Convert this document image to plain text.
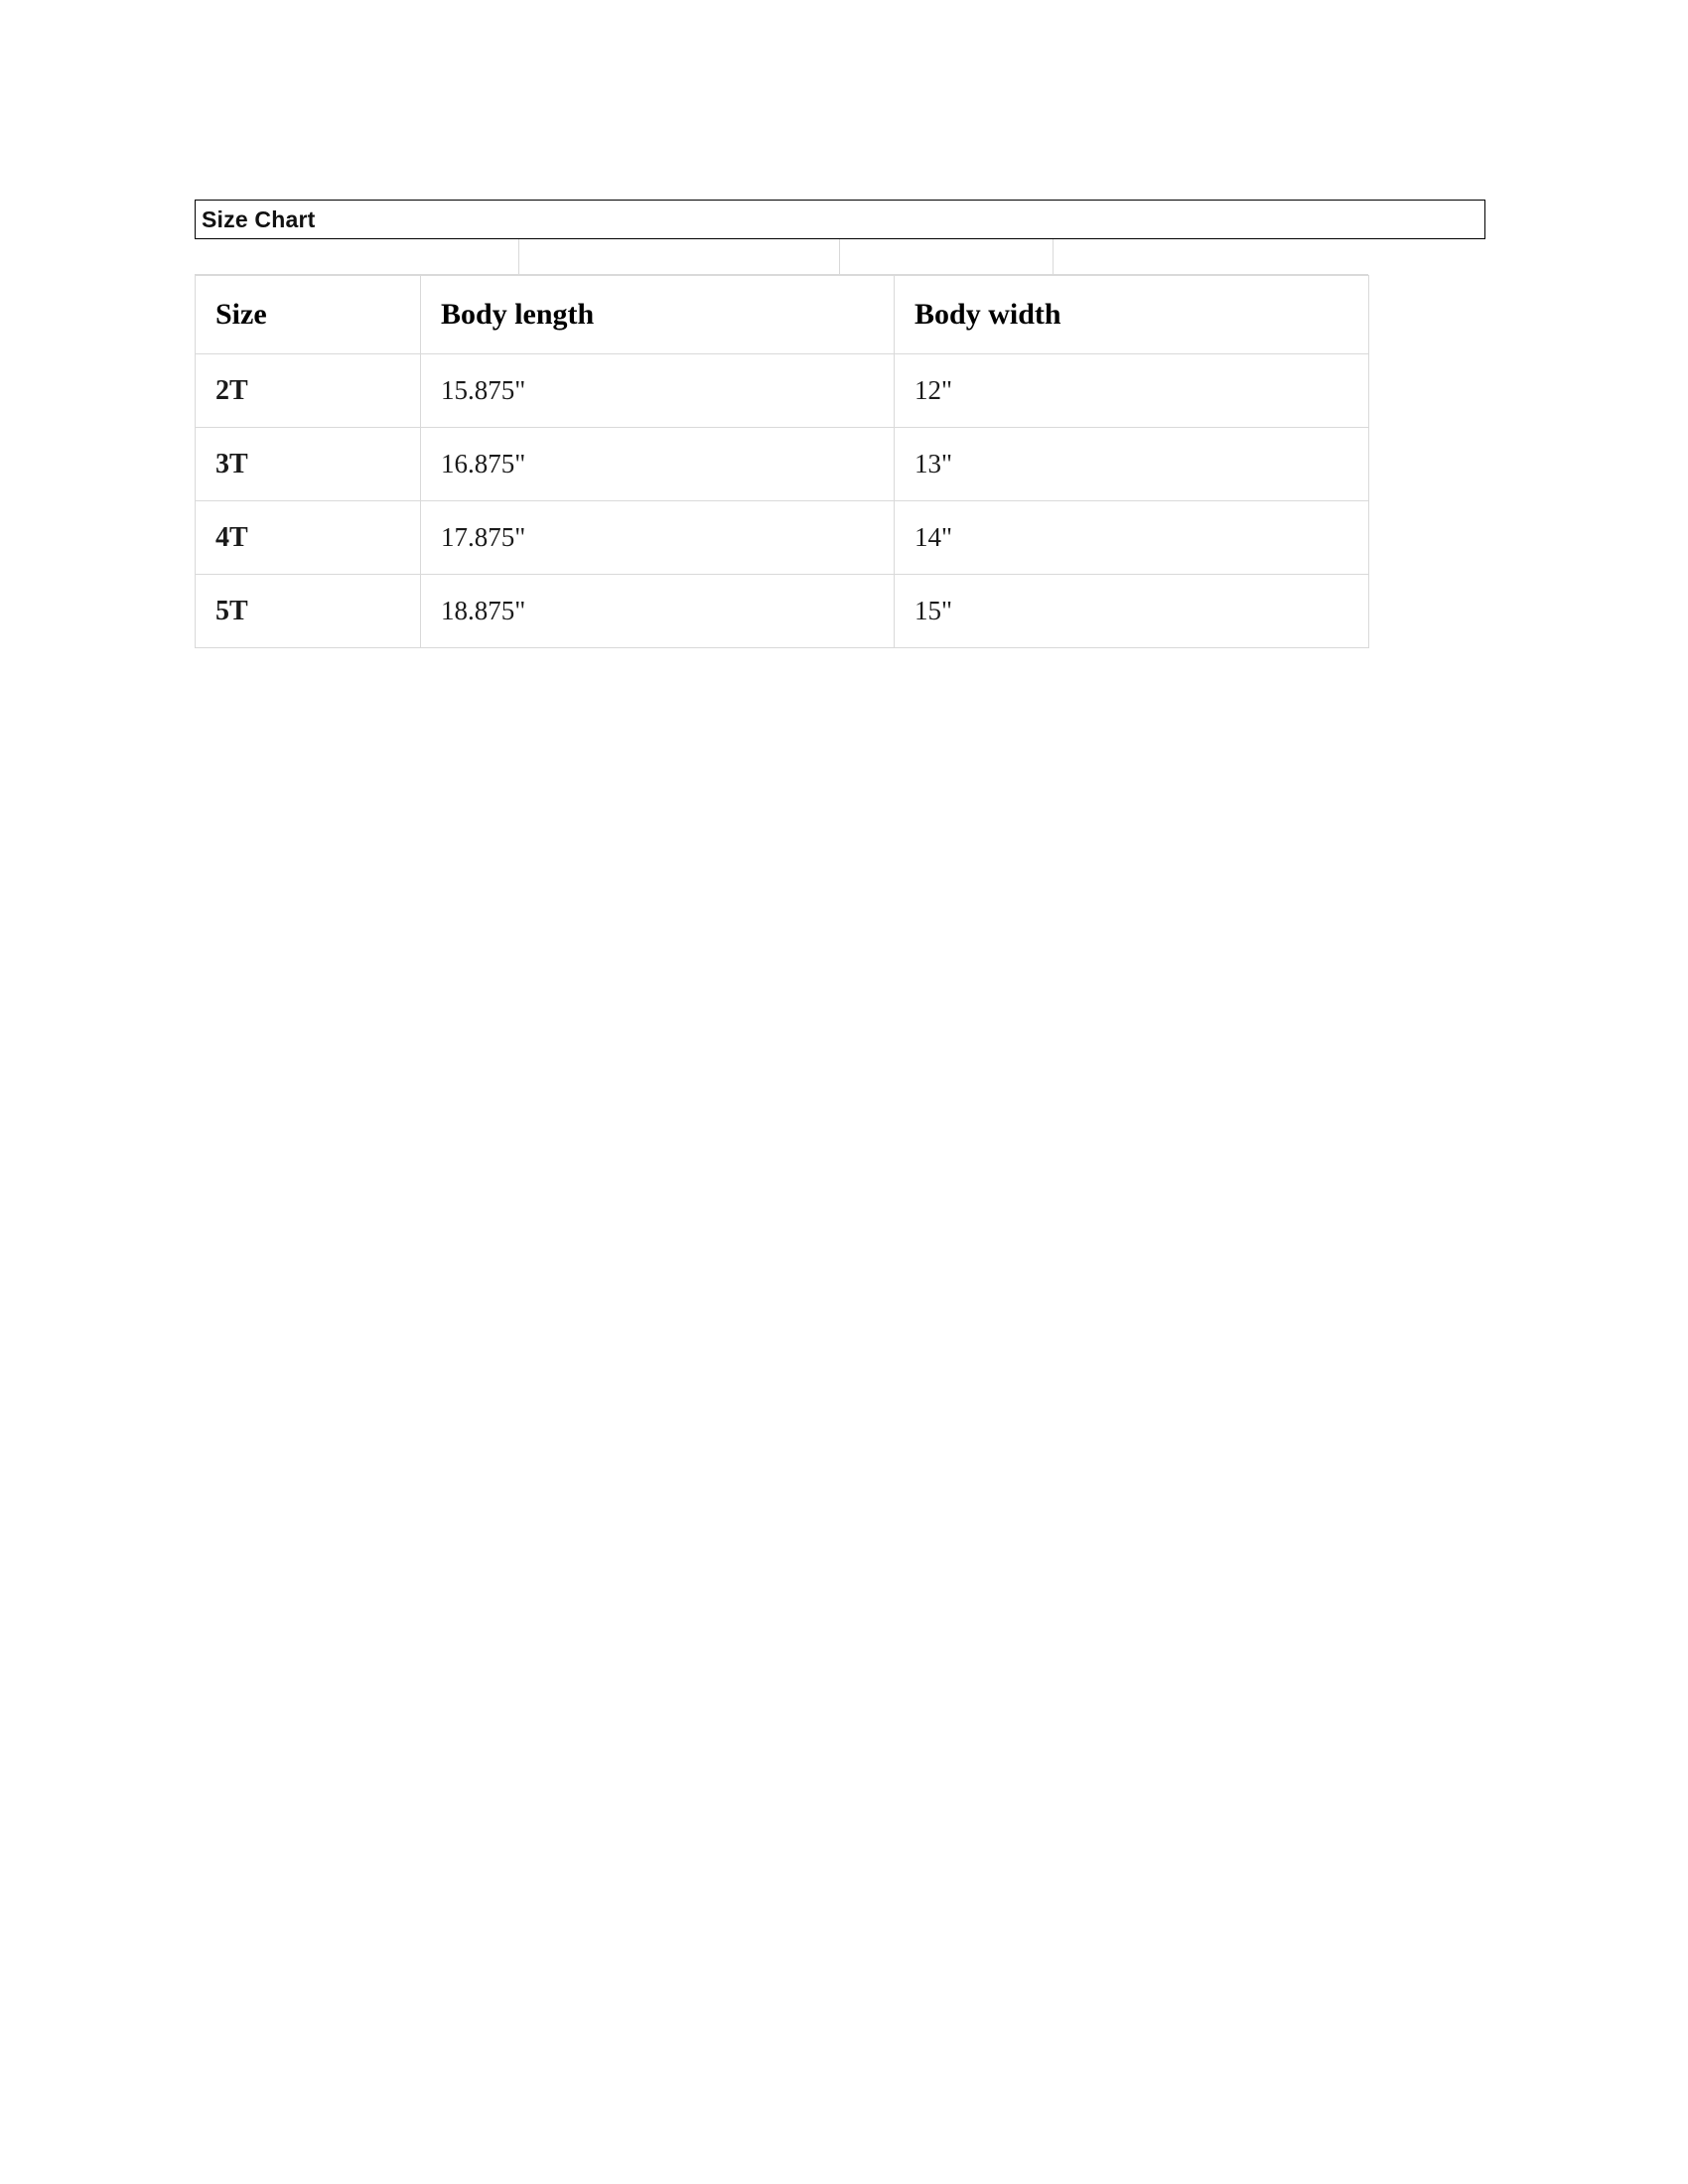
Size Chart
Size	Body length	Body width
2T	15.875"	12"
3T	16.875"	13"
4T	17.875"	14"
5T	18.875"	15"
